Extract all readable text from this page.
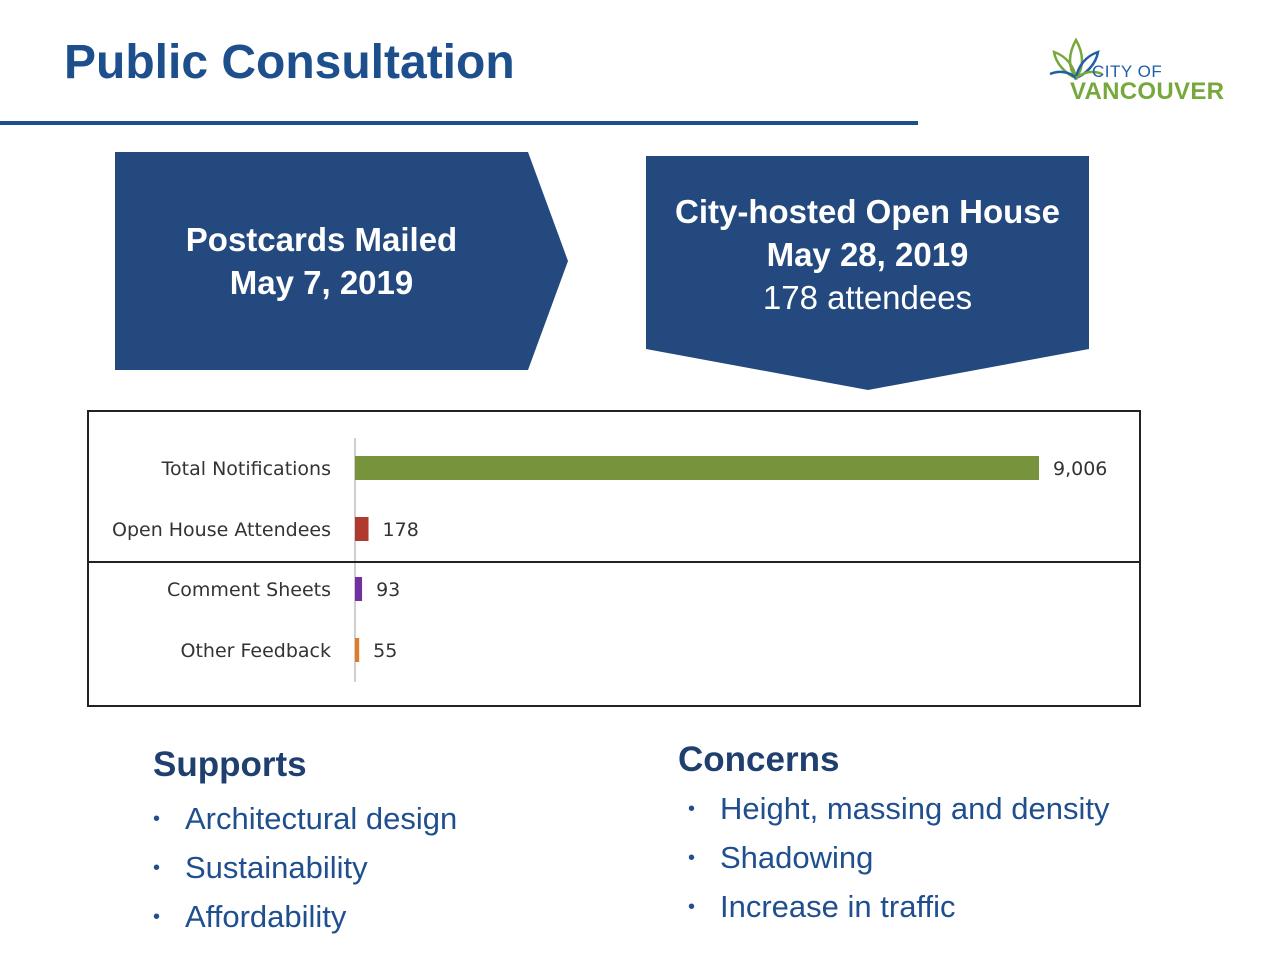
Public Consultation	CITY OF
VANCOUVER
Postcards Mailed
May 7, 2019
City-hosted Open House
May 28, 2019
178 attendees
Total Notifications	9,006
Open House Attendees	178
Comment Sheets 93
Other Feedback 55
Supports
• Architectural design
• Sustainability
• Affordability
Concerns
• Height, massing and density
• Shadowing
• Increase in traffic
